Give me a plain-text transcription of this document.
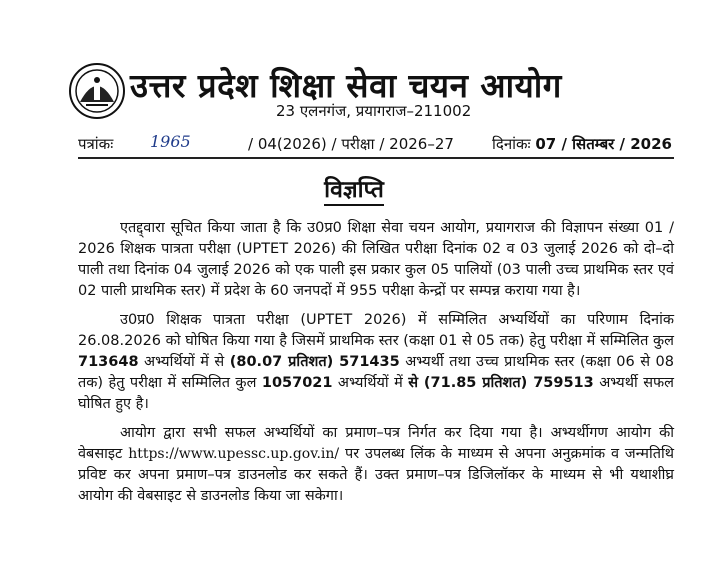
उत्तर प्रदेश शिक्षा सेवा चयन आयोग
23 एलनगंज, प्रयागराज–211002
पत्रांकः 1965	/ 04(2026) / परीक्षा / 2026–27	दिनांकः 07 / सितम्बर / 2026
विज्ञप्ति

एतद्द्वारा सूचित किया जाता है कि उ0प्र0 शिक्षा सेवा चयन आयोग, प्रयागराज की विज्ञापन संख्या 01 / 2026 शिक्षक पात्रता परीक्षा (UPTET 2026) की लिखित परीक्षा दिनांक 02 व 03 जुलाई 2026 को दो–दो पाली तथा दिनांक 04 जुलाई 2026 को एक पाली इस प्रकार कुल 05 पालियों (03 पाली उच्च प्राथमिक स्तर एवं 02 पाली प्राथमिक स्तर) में प्रदेश के 60 जनपदों में 955 परीक्षा केन्द्रों पर सम्पन्न कराया गया है।

उ0प्र0 शिक्षक पात्रता परीक्षा (UPTET 2026) में सम्मिलित अभ्यर्थियों का परिणाम दिनांक 26.08.2026 को घोषित किया गया है जिसमें प्राथमिक स्तर (कक्षा 01 से 05 तक) हेतु परीक्षा में सम्मिलित कुल 713648 अभ्यर्थियों में से (80.07 प्रतिशत) 571435 अभ्यर्थी तथा उच्च प्राथमिक स्तर (कक्षा 06 से 08 तक) हेतु परीक्षा में सम्मिलित कुल 1057021 अभ्यर्थियों में से (71.85 प्रतिशत) 759513 अभ्यर्थी सफल घोषित हुए है।

आयोग द्वारा सभी सफल अभ्यर्थियों का प्रमाण–पत्र निर्गत कर दिया गया है। अभ्यर्थीगण आयोग की वेबसाइट https://www.upessc.up.gov.in/ पर उपलब्ध लिंक के माध्यम से अपना अनुक्रमांक व जन्मतिथि प्रविष्ट कर अपना प्रमाण–पत्र डाउनलोड कर सकते हैं। उक्त प्रमाण–पत्र डिजिलॉकर के माध्यम से भी यथाशीघ्र आयोग की वेबसाइट से डाउनलोड किया जा सकेगा।
